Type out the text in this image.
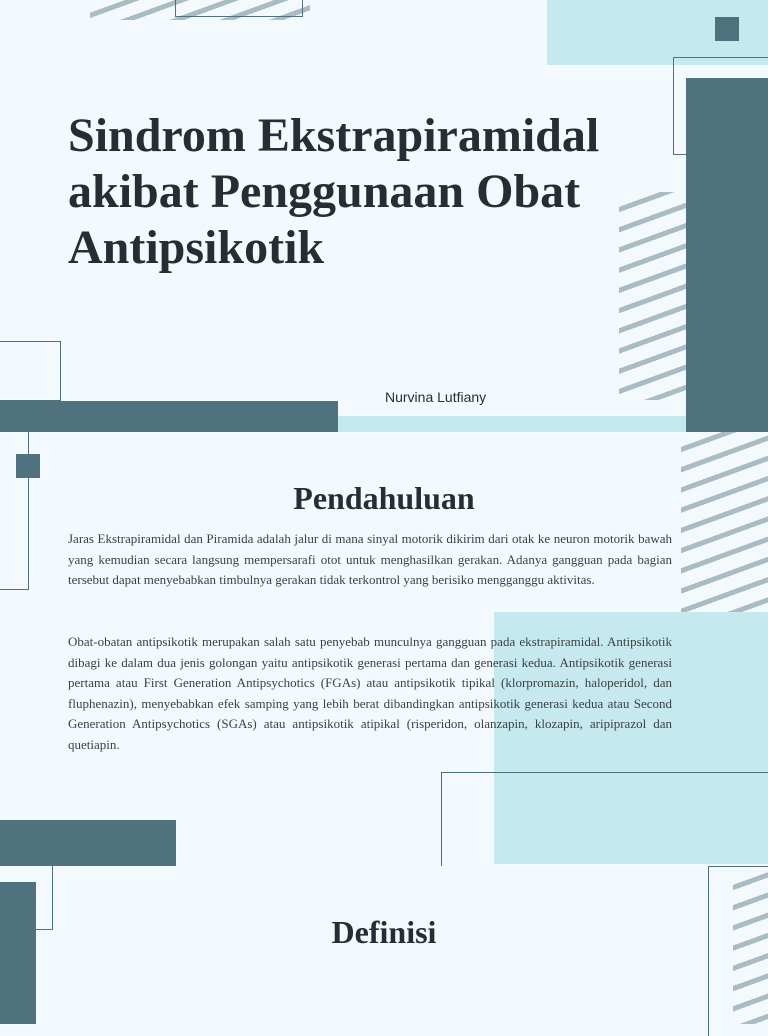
Sindrom Ekstrapiramidal akibat Penggunaan Obat Antipsikotik
Nurvina Lutfiany
Pendahuluan

Jaras Ekstrapiramidal dan Piramida adalah jalur di mana sinyal motorik dikirim dari otak ke neuron motorik bawah yang kemudian secara langsung mempersarafi otot untuk menghasilkan gerakan. Adanya gangguan pada bagian tersebut dapat menyebabkan timbulnya gerakan tidak terkontrol yang berisiko mengganggu aktivitas.

Obat-obatan antipsikotik merupakan salah satu penyebab munculnya gangguan pada ekstrapiramidal. Antipsikotik dibagi ke dalam dua jenis golongan yaitu antipsikotik generasi pertama dan generasi kedua. Antipsikotik generasi pertama atau First Generation Antipsychotics (FGAs) atau antipsikotik tipikal (klorpromazin, haloperidol, dan fluphenazin), menyebabkan efek samping yang lebih berat dibandingkan antipsikotik generasi kedua atau Second Generation Antipsychotics (SGAs) atau antipsikotik atipikal (risperidon, olanzapin, klozapin, aripiprazol dan quetiapin.

Definisi
